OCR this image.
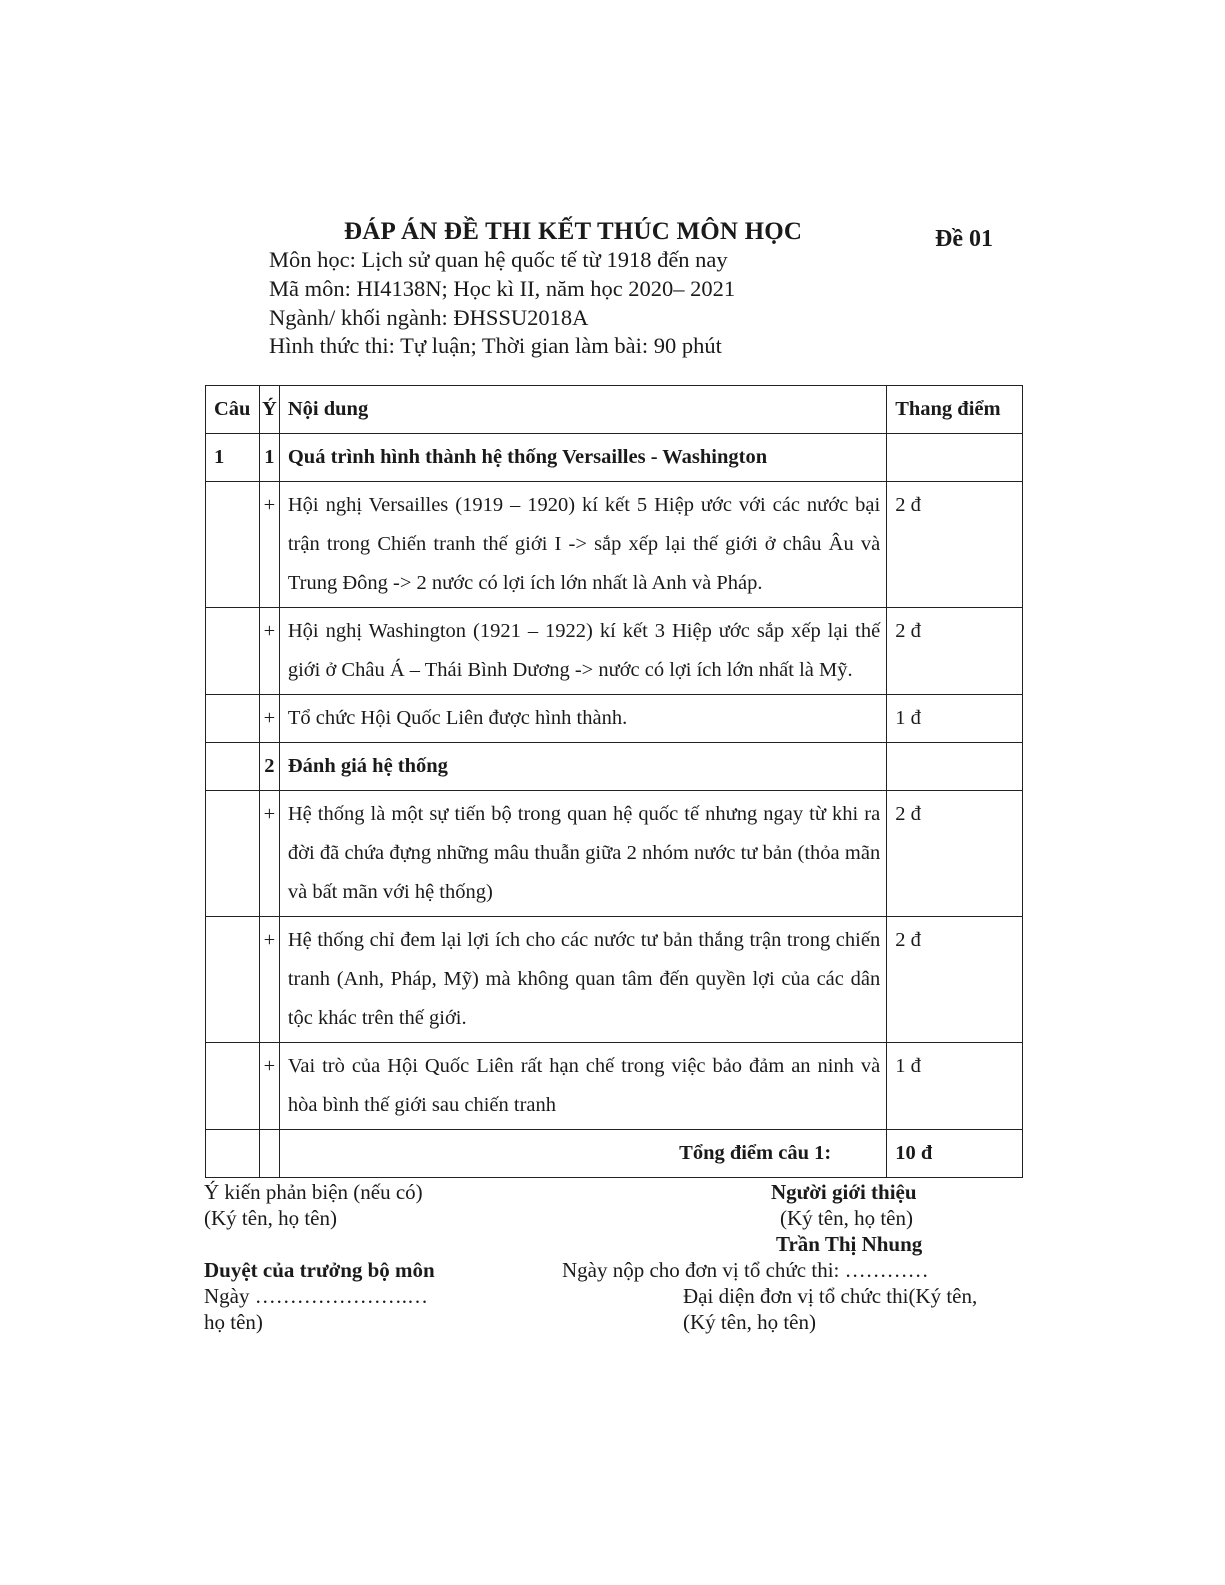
ĐÁP ÁN ĐỀ THI KẾT THÚC MÔN HỌC	Đề 01
Môn học: Lịch sử quan hệ quốc tế từ 1918 đến nay
Mã môn: HI4138N; Học kì II, năm học 2020– 2021
Ngành/ khối ngành: ĐHSSU2018A
Hình thức thi: Tự luận; Thời gian làm bài: 90 phút
Câu	Ý	Nội dung	Thang điểm
1	1	Quá trình hình thành hệ thống Versailles - Washington	
	+	Hội nghị Versailles (1919 – 1920) kí kết 5 Hiệp ước với các nước bại trận trong Chiến tranh thế giới I -> sắp xếp lại thế giới ở châu Âu và Trung Đông -> 2 nước có lợi ích lớn nhất là Anh và Pháp.	2 đ
	+	Hội nghị Washington (1921 – 1922) kí kết 3 Hiệp ước sắp xếp lại thế giới ở Châu Á – Thái Bình Dương -> nước có lợi ích lớn nhất là Mỹ.	2 đ
	+	Tổ chức Hội Quốc Liên được hình thành.	1 đ
	2	Đánh giá hệ thống	
	+	Hệ thống là một sự tiến bộ trong quan hệ quốc tế nhưng ngay từ khi ra đời đã chứa đựng những mâu thuẫn giữa 2 nhóm nước tư bản (thỏa mãn và bất mãn với hệ thống)	2 đ
	+	Hệ thống chỉ đem lại lợi ích cho các nước tư bản thắng trận trong chiến tranh (Anh, Pháp, Mỹ) mà không quan tâm đến quyền lợi của các dân tộc khác trên thế giới.	2 đ
	+	Vai trò của Hội Quốc Liên rất hạn chế trong việc bảo đảm an ninh và hòa bình thế giới sau chiến tranh	1 đ
		Tổng điểm câu 1:	10 đ
Ý kiến phản biện (nếu có)
(Ký tên, họ tên)
Người giới thiệu
(Ký tên, họ tên)
Trần Thị Nhung
Duyệt của trưởng bộ môn
Ngày ………………….…
họ tên)
Ngày nộp cho đơn vị tổ chức thi: …………
Đại diện đơn vị tổ chức thi(Ký tên,
(Ký tên, họ tên)
